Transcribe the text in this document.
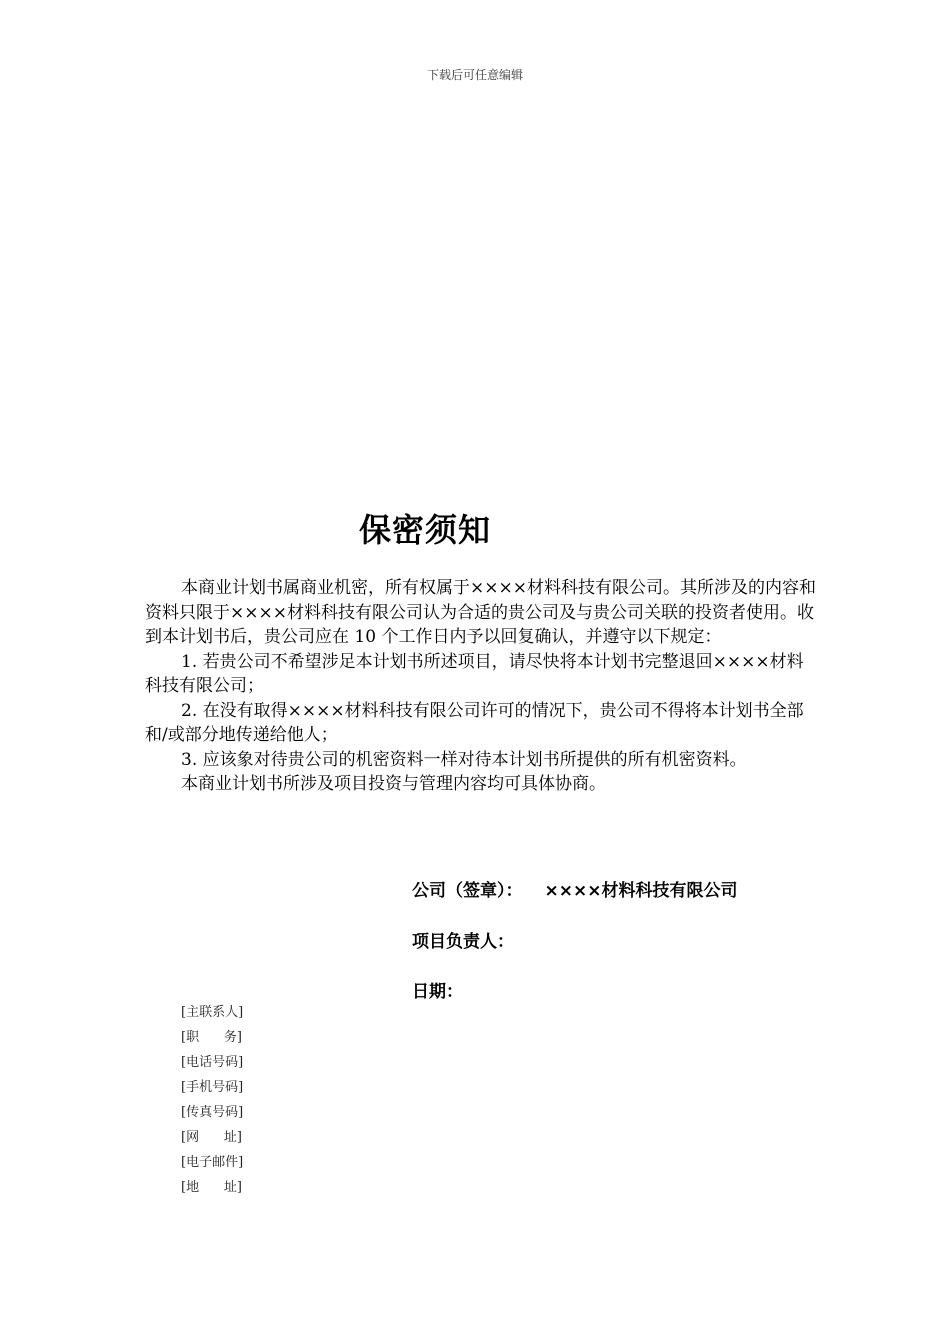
下载后可任意编辑
保密须知

本商业计划书属商业机密，所有权属于××××材料科技有限公司。其所涉及的内容和资料只限于××××材料科技有限公司认为合适的贵公司及与贵公司关联的投资者使用。收到本计划书后，贵公司应在 10 个工作日内予以回复确认，并遵守以下规定：

1. 若贵公司不希望涉足本计划书所述项目，请尽快将本计划书完整退回××××材料科技有限公司；

2. 在没有取得××××材料科技有限公司许可的情况下，贵公司不得将本计划书全部和/或部分地传递给他人；

3. 应该象对待贵公司的机密资料一样对待本计划书所提供的所有机密资料。

本商业计划书所涉及项目投资与管理内容均可具体协商。

公司（签章）： ××××材料科技有限公司
项目负责人：
日期：
[主联系人]
[职      务]
[电话号码]
[手机号码]
[传真号码]
[网      址]
[电子邮件]
[地      址]
